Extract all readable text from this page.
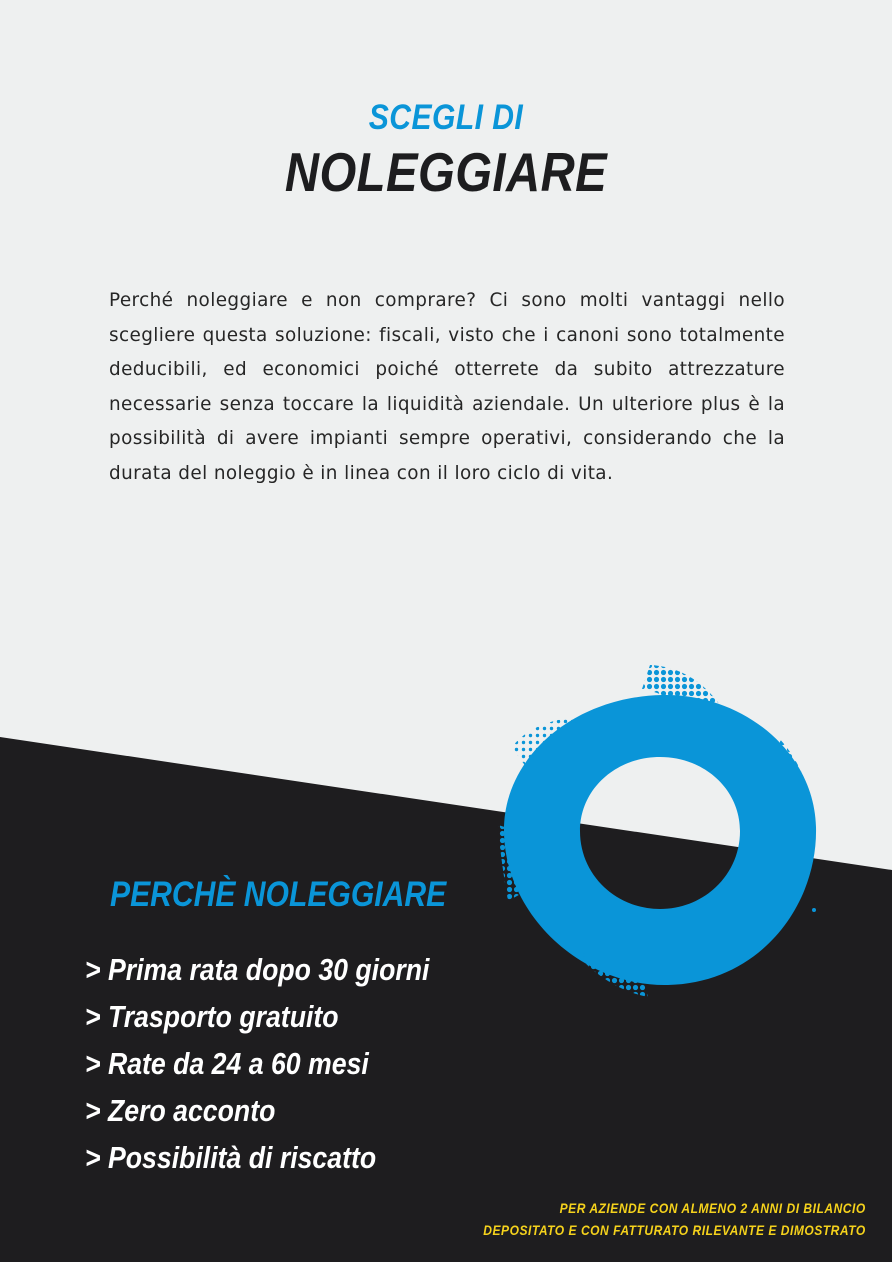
SCEGLI DI
NOLEGGIARE

Perché noleggiare e non comprare? Ci sono molti vantaggi nello scegliere questa soluzione: fiscali, visto che i canoni sono totalmente deducibili, ed economici poiché otterrete da subito attrezzature necessarie senza toccare la liquidità aziendale. Un ulteriore plus è la possibilità di avere impianti sempre operativi, considerando che la durata del noleggio è in linea con il loro ciclo di vita.

PERCHÈ NOLEGGIARE
> Prima rata dopo 30 giorni
> Trasporto gratuito
> Rate da 24 a 60 mesi
> Zero acconto
> Possibilità di riscatto
PER AZIENDE CON ALMENO 2 ANNI DI BILANCIO
DEPOSITATO E CON FATTURATO RILEVANTE E DIMOSTRATO
